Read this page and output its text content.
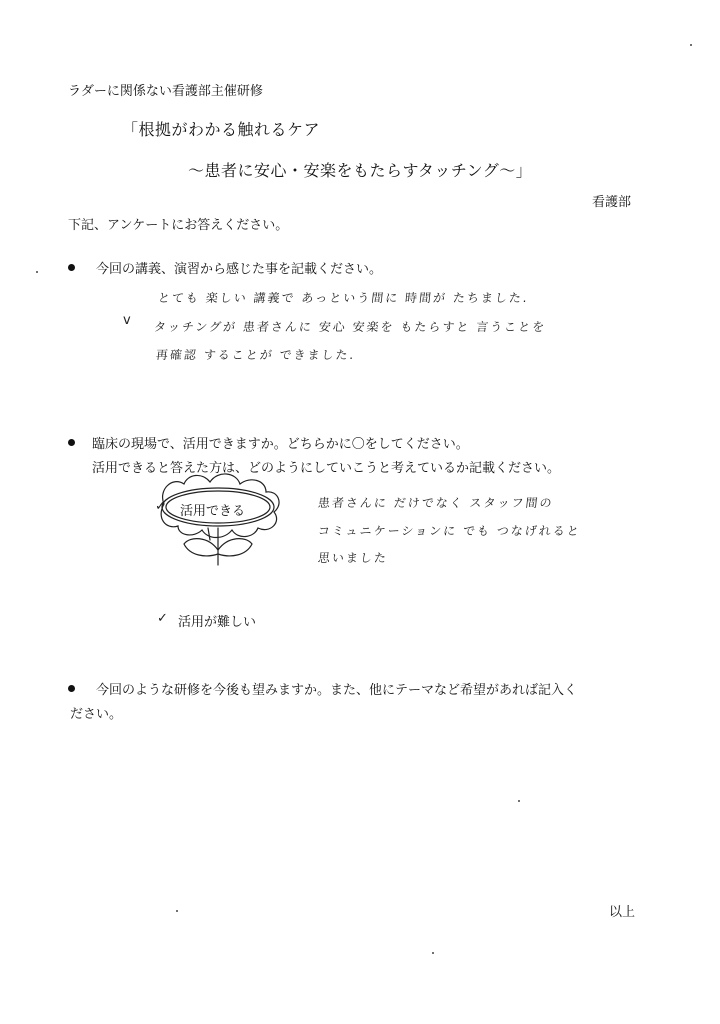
ラダーに関係ない看護部主催研修
「根拠がわかる触れるケア
～患者に安心・安楽をもたらすタッチング～」
看護部
下記、アンケートにお答えください。
今回の講義、演習から感じた事を記載ください。
v
とても 楽しい 講義で あっという間に 時間が たちました.
タッチングが 患者さんに 安心 安楽を もたらすと 言うことを
再確認 することが できました.
臨床の現場で、活用できますか。どちらかに〇をしてください。
活用できると答えた方は、どのようにしていこうと考えているか記載ください。
活用できる
✓	患者さんに だけでなく スタッフ間の
コミュニケーションに でも つなげれると
思いました
✓ 活用が難しい
今回のような研修を今後も望みますか。また、他にテーマなど希望があれば記入く
ださい。
以上
